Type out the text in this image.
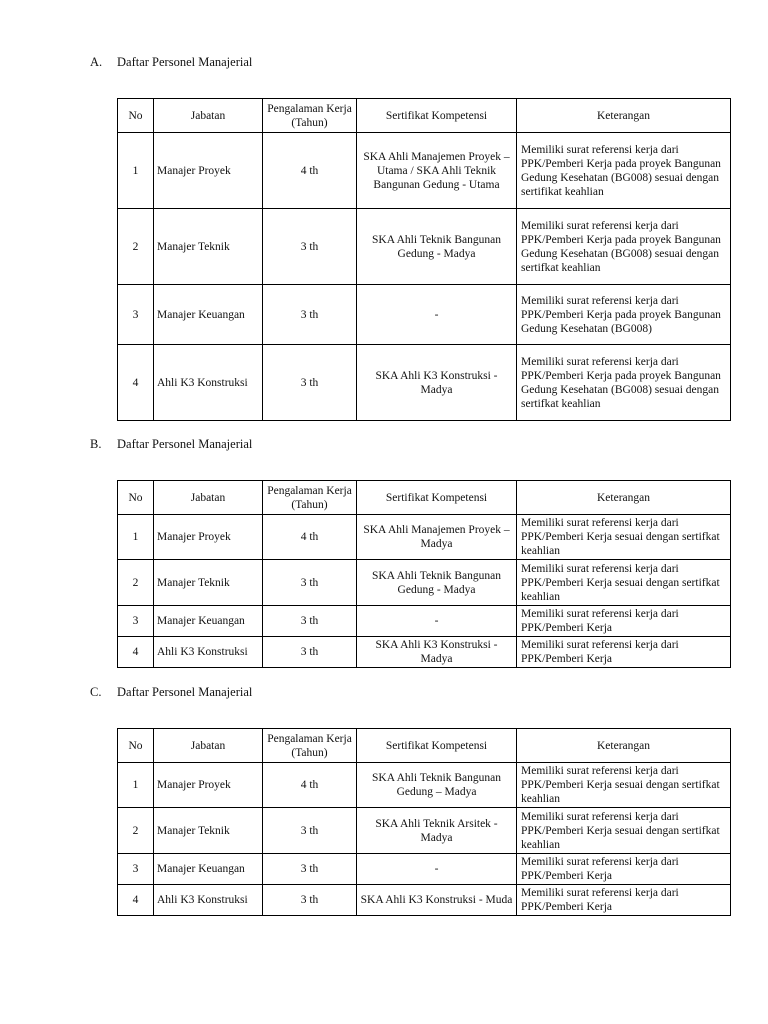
A. Daftar Personel Manajerial
No	Jabatan	Pengalaman Kerja (Tahun)	Sertifikat Kompetensi	Keterangan
1	Manajer Proyek	4 th	SKA Ahli Manajemen Proyek – Utama / SKA Ahli Teknik Bangunan Gedung - Utama	Memiliki surat referensi kerja dari PPK/Pemberi Kerja pada proyek Bangunan Gedung Kesehatan (BG008) sesuai dengan sertifikat keahlian
2	Manajer Teknik	3 th	SKA Ahli Teknik Bangunan Gedung - Madya	Memiliki surat referensi kerja dari PPK/Pemberi Kerja pada proyek Bangunan Gedung Kesehatan (BG008) sesuai dengan sertifkat keahlian
3	Manajer Keuangan	3 th	-	Memiliki surat referensi kerja dari PPK/Pemberi Kerja pada proyek Bangunan Gedung Kesehatan (BG008)
4	Ahli K3 Konstruksi	3 th	SKA Ahli K3 Konstruksi - Madya	Memiliki surat referensi kerja dari PPK/Pemberi Kerja pada proyek Bangunan Gedung Kesehatan (BG008) sesuai dengan sertifkat keahlian
B. Daftar Personel Manajerial
No	Jabatan	Pengalaman Kerja (Tahun)	Sertifikat Kompetensi	Keterangan
1	Manajer Proyek	4 th	SKA Ahli Manajemen Proyek – Madya	Memiliki surat referensi kerja dari PPK/Pemberi Kerja sesuai dengan sertifkat keahlian
2	Manajer Teknik	3 th	SKA Ahli Teknik Bangunan Gedung - Madya	Memiliki surat referensi kerja dari PPK/Pemberi Kerja sesuai dengan sertifkat keahlian
3	Manajer Keuangan	3 th	-	Memiliki surat referensi kerja dari PPK/Pemberi Kerja
4	Ahli K3 Konstruksi	3 th	SKA Ahli K3 Konstruksi - Madya	Memiliki surat referensi kerja dari PPK/Pemberi Kerja
C. Daftar Personel Manajerial
No	Jabatan	Pengalaman Kerja (Tahun)	Sertifikat Kompetensi	Keterangan
1	Manajer Proyek	4 th	SKA Ahli Teknik Bangunan Gedung – Madya	Memiliki surat referensi kerja dari PPK/Pemberi Kerja sesuai dengan sertifkat keahlian
2	Manajer Teknik	3 th	SKA Ahli Teknik Arsitek - Madya	Memiliki surat referensi kerja dari PPK/Pemberi Kerja sesuai dengan sertifkat keahlian
3	Manajer Keuangan	3 th	-	Memiliki surat referensi kerja dari PPK/Pemberi Kerja
4	Ahli K3 Konstruksi	3 th	SKA Ahli K3 Konstruksi - Muda	Memiliki surat referensi kerja dari PPK/Pemberi Kerja
